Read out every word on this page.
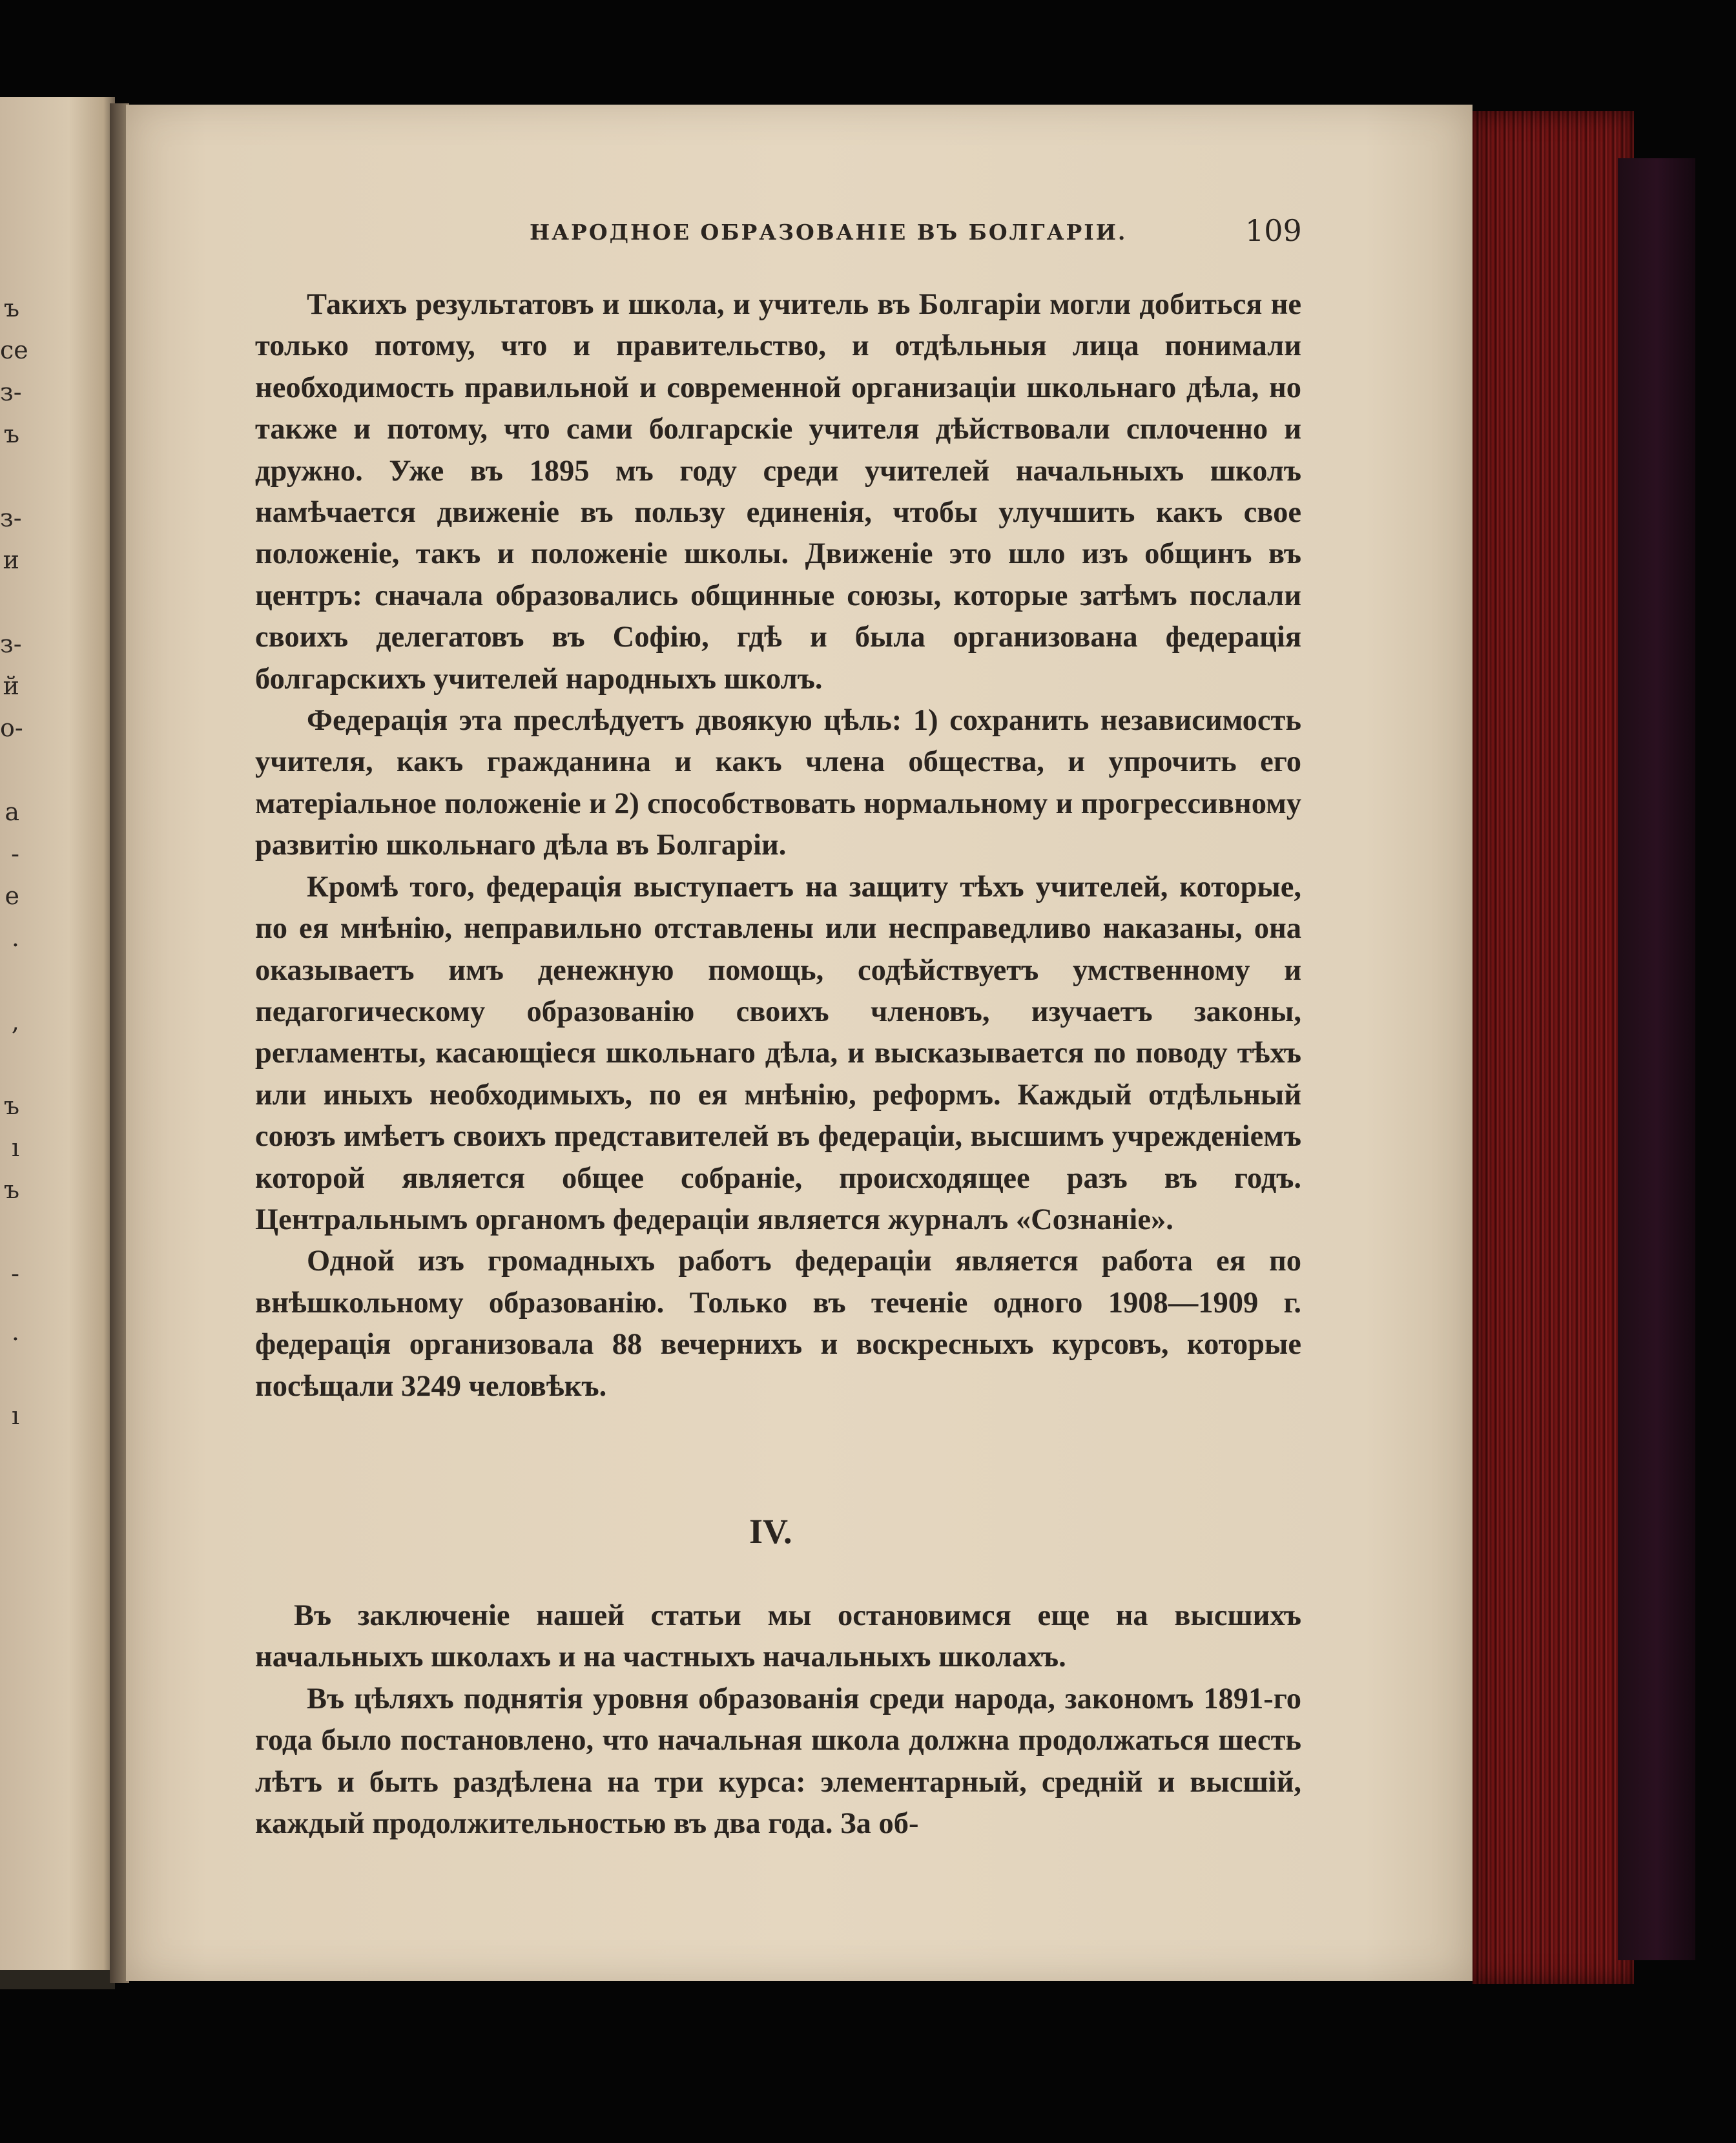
ъ
се
з-
ъ
з-
и
з-
й
о-
а
-
е
.
,
ъ
ı
ъ
-
.
ı
НАРОДНОЕ ОБРАЗОВАНІЕ ВЪ БОЛГАРІИ.	109

Такихъ результатовъ и школа, и учитель въ Болгаріи могли добиться не только потому, что и правительство, и отдѣльныя лица понимали необходимость правильной и современной организаціи школьнаго дѣла, но также и потому, что сами болгарскіе учителя дѣйствовали сплоченно и дружно. Уже въ 1895 мъ году среди учителей начальныхъ школъ намѣчается движеніе въ пользу единенія, чтобы улучшить какъ свое положеніе, такъ и положеніе школы. Движеніе это шло изъ общинъ въ центръ: сначала образовались общинные союзы, которые затѣмъ послали своихъ делегатовъ въ Софію, гдѣ и была организована федерація болгарскихъ учителей народныхъ школъ.

Федерація эта преслѣдуетъ двоякую цѣль: 1) сохранить независимость учителя, какъ гражданина и какъ члена общества, и упрочить его матеріальное положеніе и 2) способствовать нормальному и прогрессивному развитію школьнаго дѣла въ Болгаріи.

Кромѣ того, федерація выступаетъ на защиту тѣхъ учителей, которые, по ея мнѣнію, неправильно отставлены или несправедливо наказаны, она оказываетъ имъ денежную помощь, содѣйствуетъ умственному и педагогическому образованію своихъ членовъ, изучаетъ законы, регламенты, касающіеся школьнаго дѣла, и высказывается по поводу тѣхъ или иныхъ необходимыхъ, по ея мнѣнію, реформъ. Каждый отдѣльный союзъ имѣетъ своихъ представителей въ федераціи, высшимъ учрежденіемъ которой является общее собраніе, происходящее разъ въ годъ. Центральнымъ органомъ федераціи является журналъ «Сознаніе».

Одной изъ громадныхъ работъ федераціи является работа ея по внѣшкольному образованію. Только въ теченіе одного 1908—1909 г. федерація организовала 88 вечернихъ и воскресныхъ курсовъ, которые посѣщали 3249 человѣкъ.

IV.

Въ заключеніе нашей статьи мы остановимся еще на высшихъ начальныхъ школахъ и на частныхъ начальныхъ школахъ.

Въ цѣляхъ поднятія уровня образованія среди народа, закономъ 1891-го года было постановлено, что начальная школа должна продолжаться шесть лѣтъ и быть раздѣлена на три курса: элементарный, среднiй и высшiй, каждый продолжительностью въ два года. За об-
